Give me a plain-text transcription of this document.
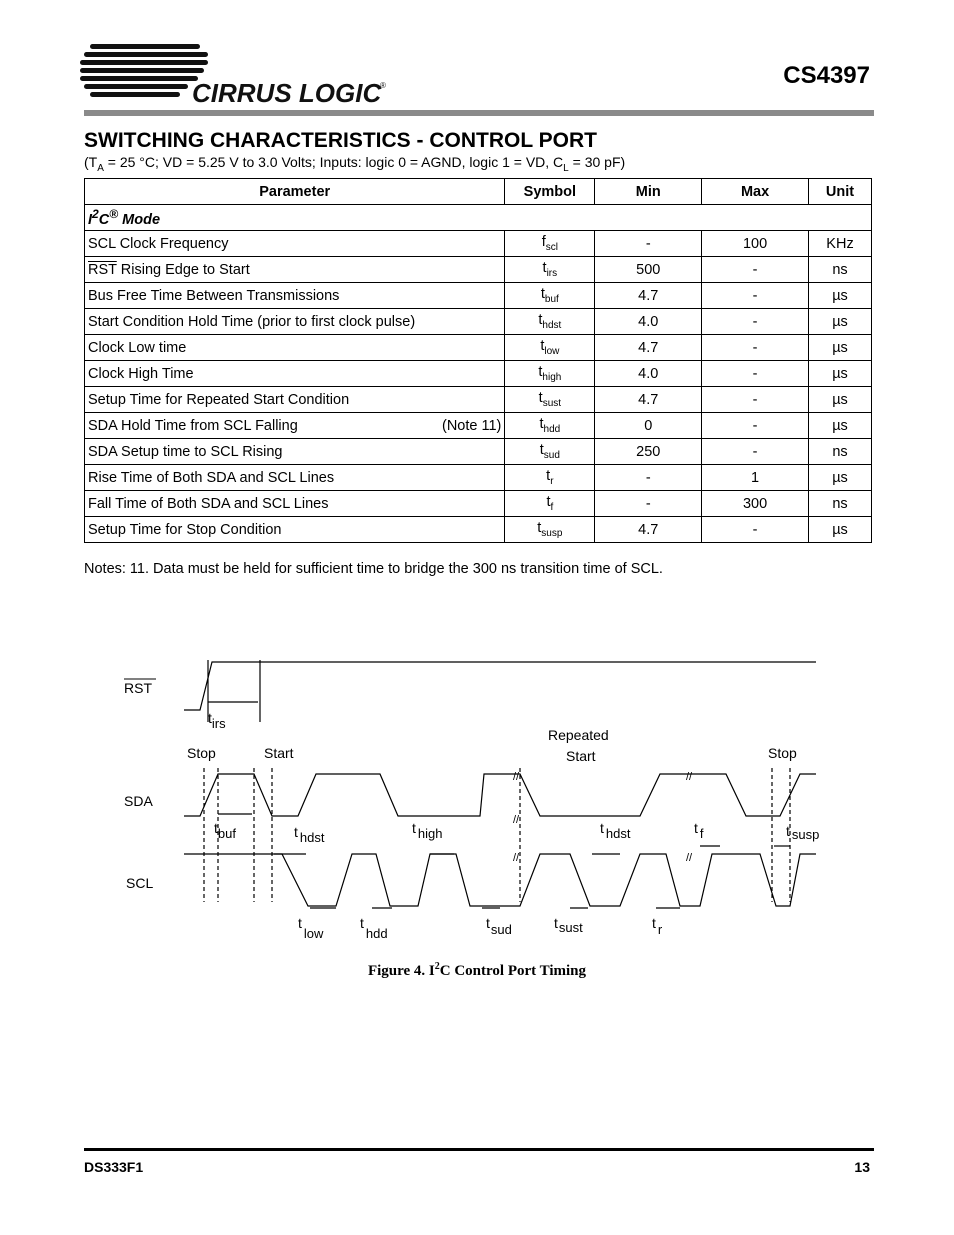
CIRRUS LOGIC
®	CS4397
SWITCHING CHARACTERISTICS - CONTROL PORT
($T_A = 25$ °C; VD = 5.25 V to 3.0 Volts; Inputs: logic 0 = AGND, logic 1 = VD, $C_L = 30$ pF)
Parameter	Symbol	Min	Max	Unit
$I^2C®$ Mode				
SCL Clock Frequency	$f_{scl}$	-	100	KHz
$\overline{RST}$ Rising Edge to Start	$t_{irs}$	500	-	ns
Bus Free Time Between Transmissions	$t_{buf}$	4.7	-	µs
Start Condition Hold Time (prior to first clock pulse)	$t_{hdst}$	4.0	-	µs
Clock Low time	$t_{low}$	4.7	-	µs
Clock High Time	$t_{high}$	4.0	-	µs
Setup Time for Repeated Start Condition	$t_{sust}$	4.7	-	µs
SDA Hold Time from SCL Falling (Note 11)	$t_{hdd}$	0	-	µs
SDA Setup time to SCL Rising	$t_{sud}$	250	-	ns
Rise Time of Both SDA and SCL Lines	$t_r$	-	1	µs
Fall Time of Both SDA and SCL Lines	$t_f$	-	300	ns
Setup Time for Stop Condition	$t_{susp}$	4.7	-	µs
Notes: 11. Data must be held for sufficient time to bridge the 300 ns transition time of SCL.
RST
SDA
SCL
Stop	Start
Repeated
Start	Stop
tirs
tbuf	t hdst
t high	t hdst	t f	t susp
tlow
thdd
tsud	tsust	t r
//
//
//
//
//
Figure 4. $I^2C$ Control Port Timing
DS333F1	13
